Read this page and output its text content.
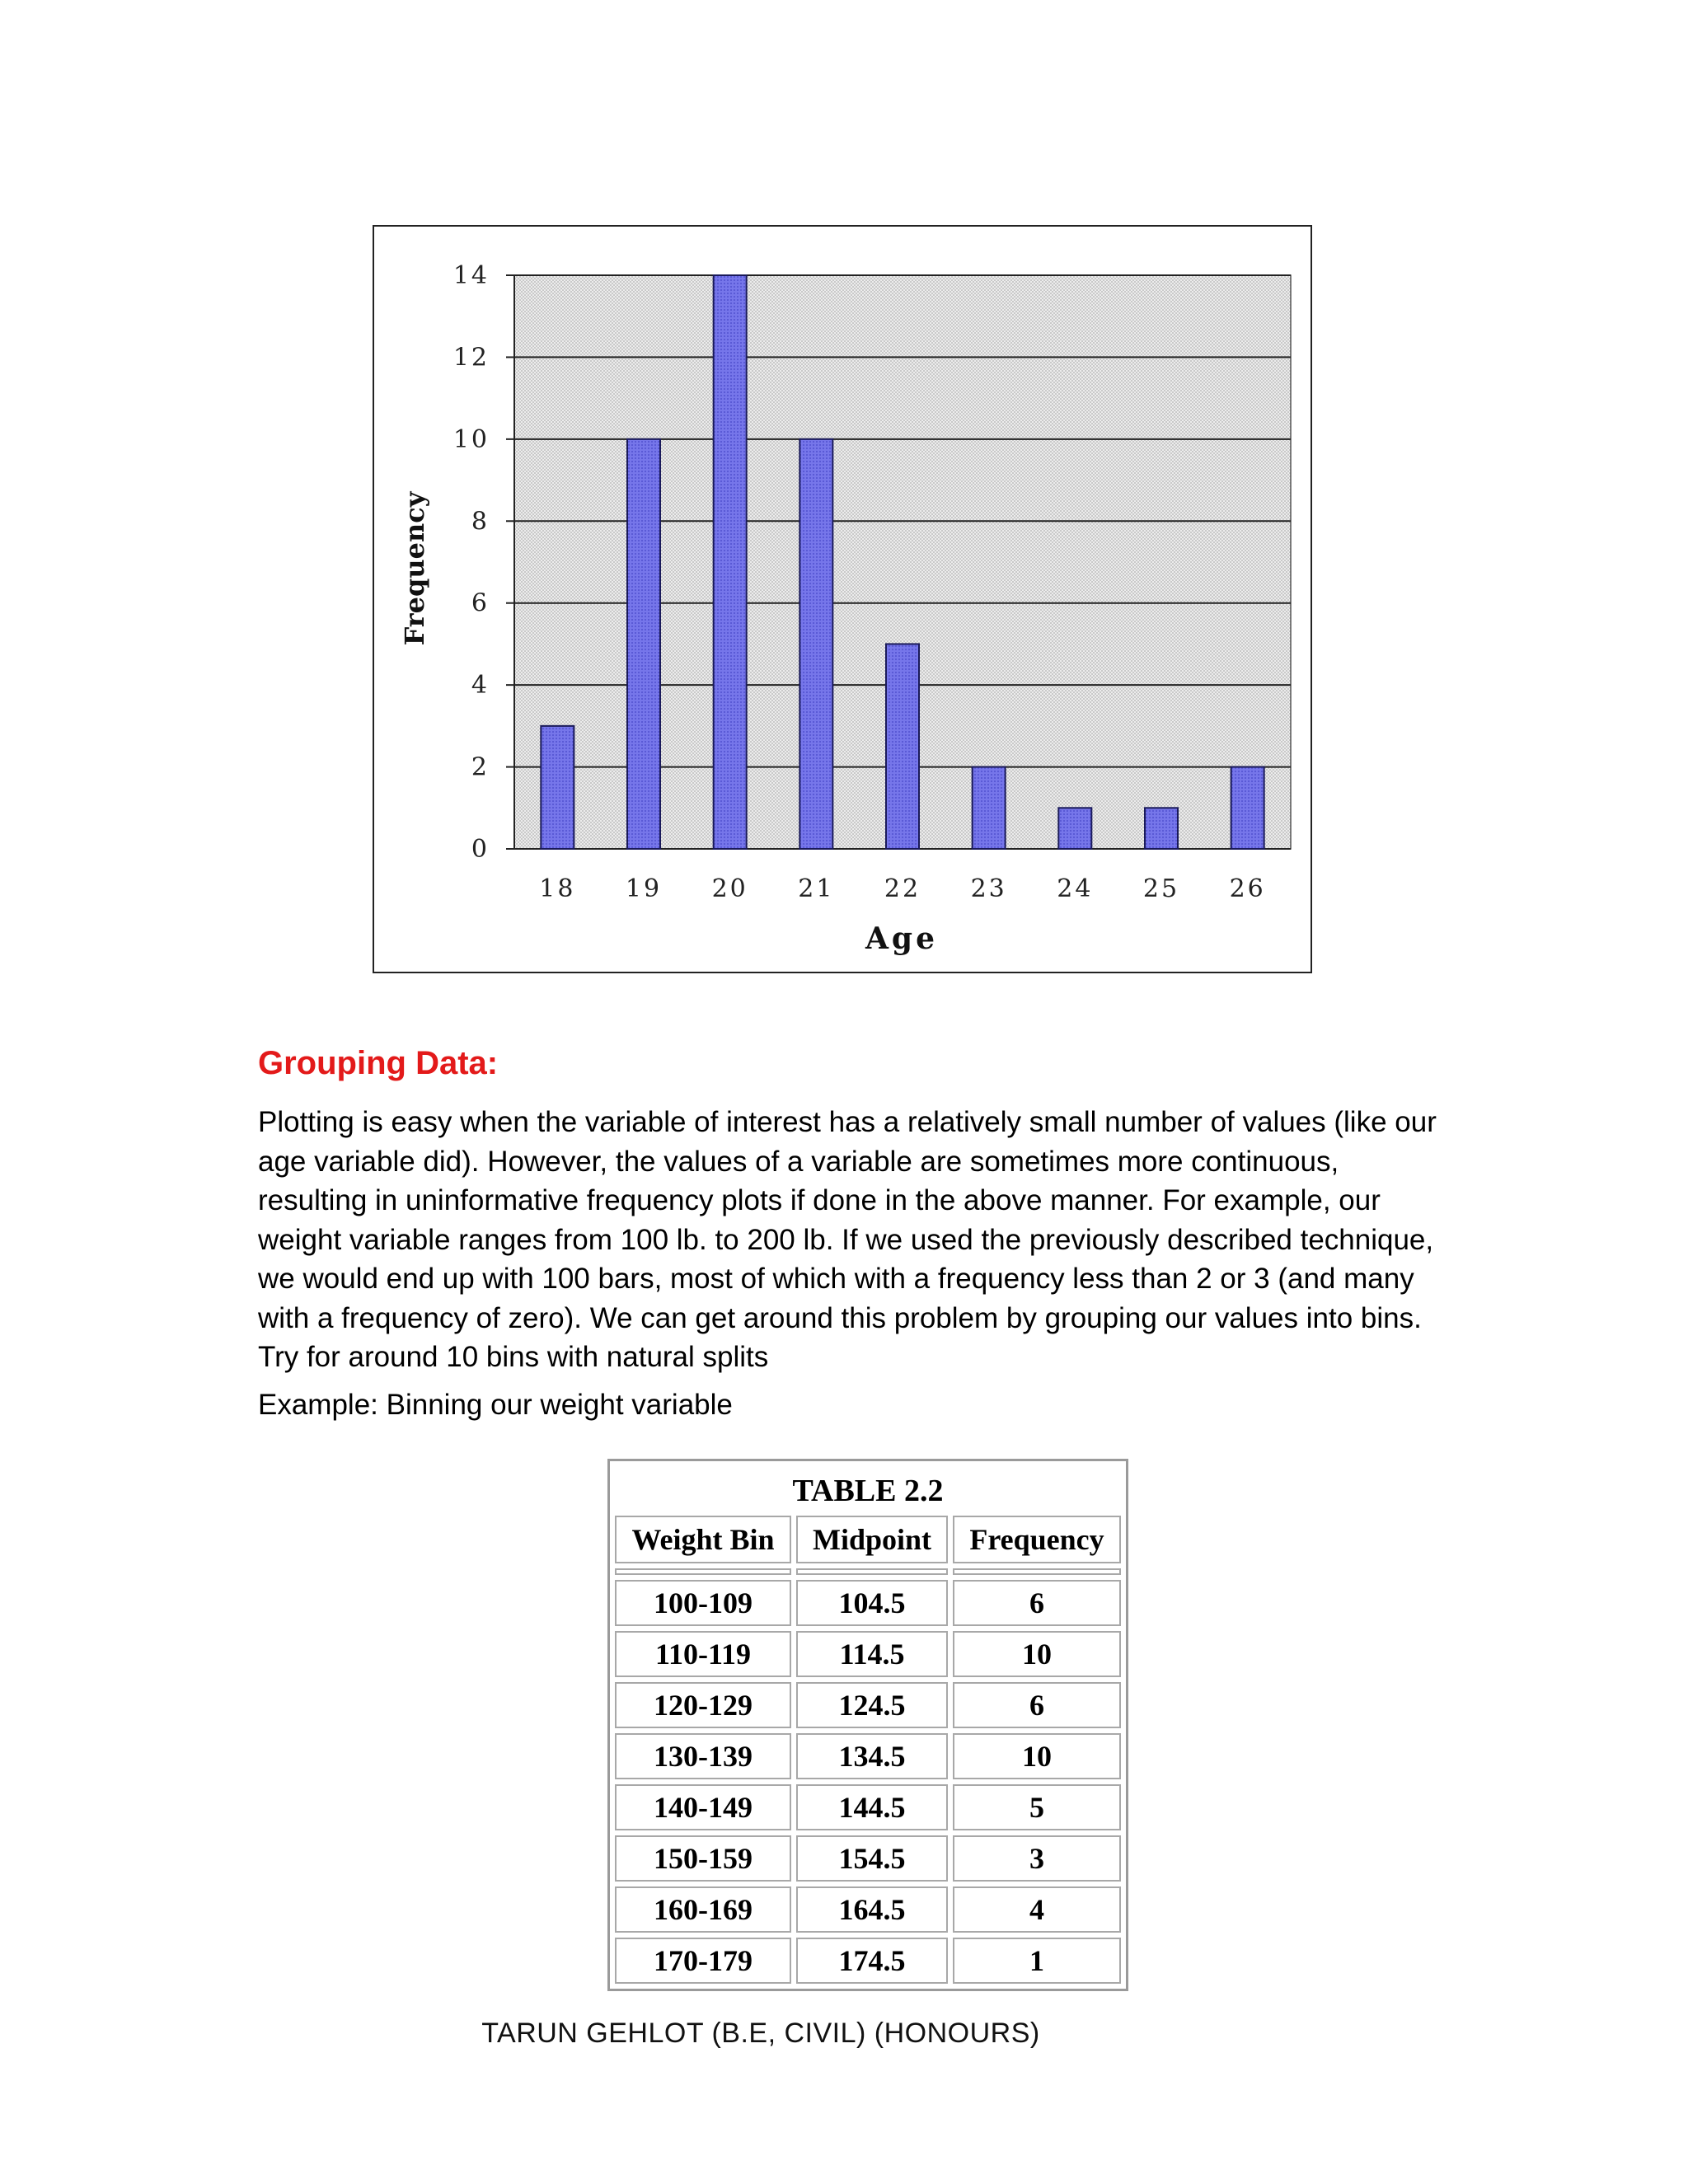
0
2
4
6
8
10
12
14
18 19 20 21 22 23 24 25 26
Frequency
Age
Grouping Data:

Plotting is easy when the variable of interest has a relatively small number of values (like our age variable did). However, the values of a variable are sometimes more continuous, resulting in uninformative frequency plots if done in the above manner. For example, our weight variable ranges from 100 lb. to 200 lb. If we used the previously described technique, we would end up with 100 bars, most of which with a frequency less than 2 or 3 (and many with a frequency of zero). We can get around this problem by grouping our values into bins. Try for around 10 bins with natural splits

Example: Binning our weight variable

TABLE 2.2
Weight Bin	Midpoint	Frequency

100-109	104.5	6
110-119	114.5	10
120-129	124.5	6
130-139	134.5	10
140-149	144.5	5
150-159	154.5	3
160-169	164.5	4
170-179	174.5	1
TARUN GEHLOT (B.E, CIVIL) (HONOURS)
